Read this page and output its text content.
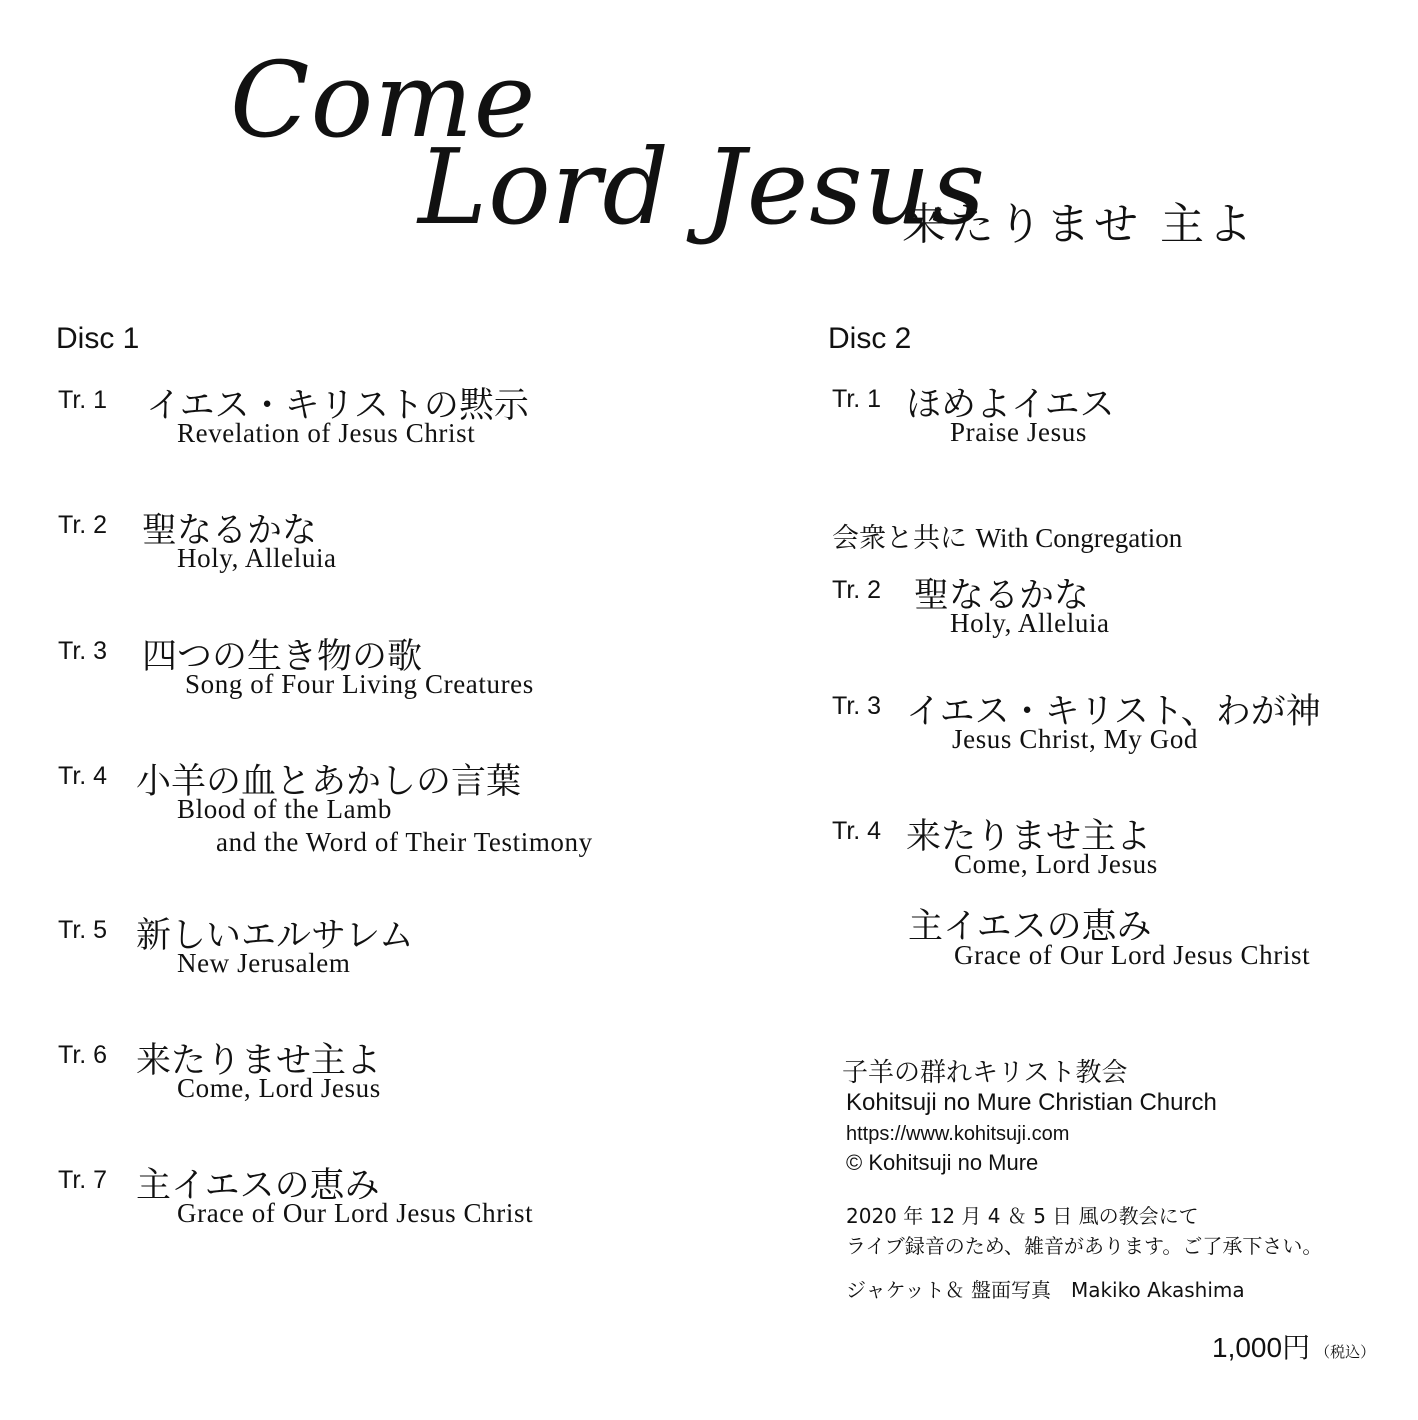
Come
Lord Jesus
来たりませ 主よ
Disc 1
Tr. 1 イエス・キリストの黙示
Revelation of Jesus Christ
Tr. 2 聖なるかな
Holy, Alleluia
Tr. 3 四つの生き物の歌
Song of Four Living Creatures
Tr. 4 小羊の血とあかしの言葉
Blood of the Lamb
and the Word of Their Testimony
Tr. 5 新しいエルサレム
New Jerusalem
Tr. 6 来たりませ主よ
Come, Lord Jesus
Tr. 7 主イエスの恵み
Grace of Our Lord Jesus Christ
Disc 2
Tr. 1 ほめよイエス
Praise Jesus
会衆と共に With Congregation
Tr. 2 聖なるかな
Holy, Alleluia
Tr. 3 イエス・キリスト、わが神
Jesus Christ, My God
Tr. 4 来たりませ主よ
Come, Lord Jesus
主イエスの恵み
Grace of Our Lord Jesus Christ
子羊の群れキリスト教会
Kohitsuji no Mure Christian Church
https://www.kohitsuji.com
© Kohitsuji no Mure
2020 年 12 月 4 ＆ 5 日 風の教会にて
ライブ録音のため、雑音があります。ご了承下さい。
ジャケット＆ 盤面写真　Makiko Akashima
1,000円 （税込）
